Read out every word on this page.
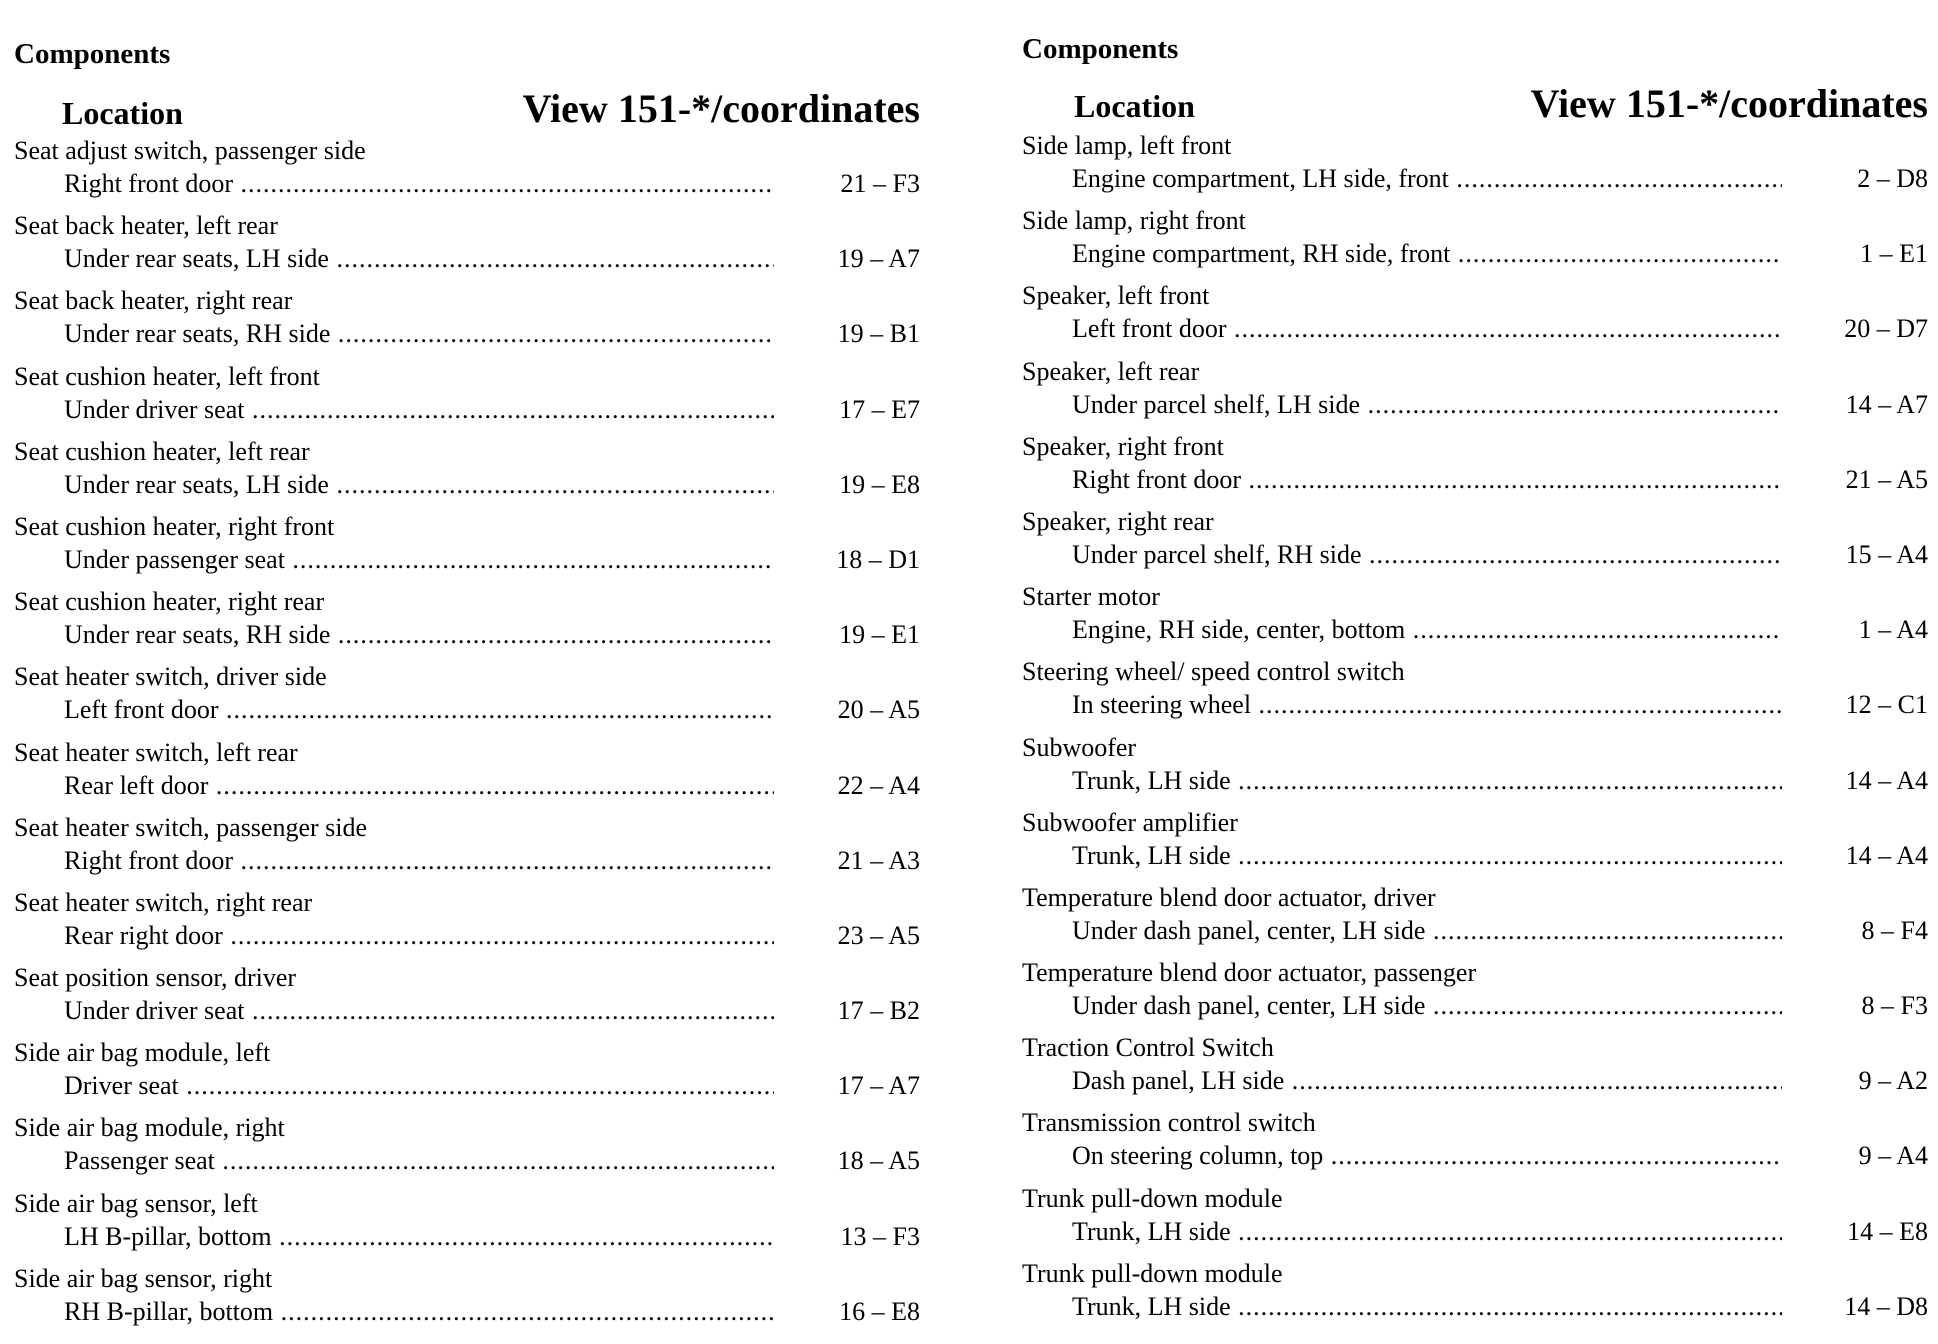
Components
Location	View 151-*/coordinates
Seat adjust switch, passenger side
Right front door .....	21 – F3
Seat back heater, left rear
Under rear seats, LH side .....	19 – A7
Seat back heater, right rear
Under rear seats, RH side .....	19 – B1
Seat cushion heater, left front
Under driver seat .....	17 – E7
Seat cushion heater, left rear
Under rear seats, LH side .....	19 – E8
Seat cushion heater, right front
Under passenger seat .....	18 – D1
Seat cushion heater, right rear
Under rear seats, RH side .....	19 – E1
Seat heater switch, driver side
Left front door .....	20 – A5
Seat heater switch, left rear
Rear left door .....	22 – A4
Seat heater switch, passenger side
Right front door .....	21 – A3
Seat heater switch, right rear
Rear right door .....	23 – A5
Seat position sensor, driver
Under driver seat .....	17 – B2
Side air bag module, left
Driver seat .....	17 – A7
Side air bag module, right
Passenger seat .....	18 – A5
Side air bag sensor, left
LH B-pillar, bottom .....	13 – F3
Side air bag sensor, right
RH B-pillar, bottom .....	16 – E8
Components
Location	View 151-*/coordinates
Side lamp, left front
Engine compartment, LH side, front .....	2 – D8
Side lamp, right front
Engine compartment, RH side, front .....	1 – E1
Speaker, left front
Left front door .....	20 – D7
Speaker, left rear
Under parcel shelf, LH side .....	14 – A7
Speaker, right front
Right front door .....	21 – A5
Speaker, right rear
Under parcel shelf, RH side .....	15 – A4
Starter motor
Engine, RH side, center, bottom .....	1 – A4
Steering wheel/ speed control switch
In steering wheel .....	12 – C1
Subwoofer
Trunk, LH side .....	14 – A4
Subwoofer amplifier
Trunk, LH side .....	14 – A4
Temperature blend door actuator, driver
Under dash panel, center, LH side .....	8 – F4
Temperature blend door actuator, passenger
Under dash panel, center, LH side .....	8 – F3
Traction Control Switch
Dash panel, LH side .....	9 – A2
Transmission control switch
On steering column, top .....	9 – A4
Trunk pull-down module
Trunk, LH side .....	14 – E8
Trunk pull-down module
Trunk, LH side .....	14 – D8
